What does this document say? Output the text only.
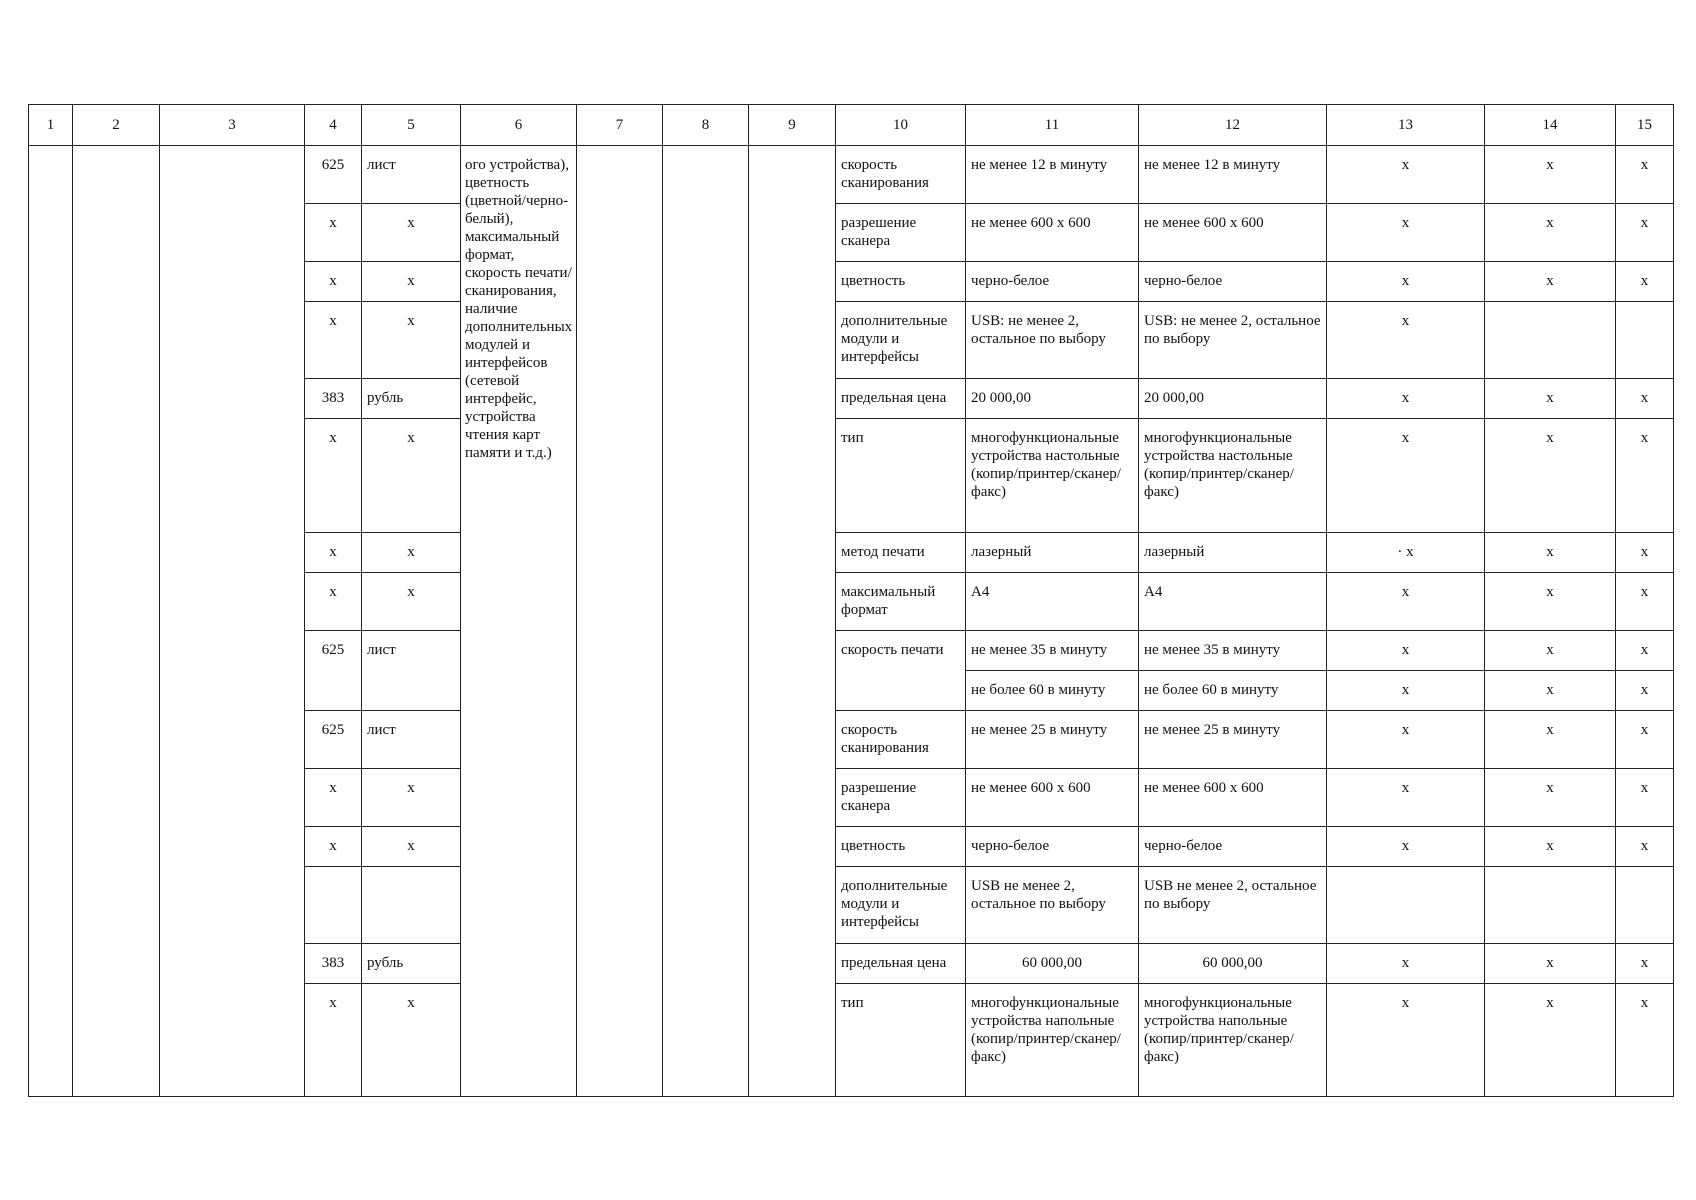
1	2	3	4	5	6	7	8	9	10	11	12	13	14	15
			625	лист	ого устройства), цветность (цветной/черно-белый), максимальный формат, скорость печати/сканирования, наличие дополнительных модулей и интерфейсов (сетевой интерфейс, устройства чтения карт памяти и т.д.)				скорость сканирования	не менее 12 в минуту	не менее 12 в минуту	x	x	x
			x	x					разрешение сканера	не менее 600 x 600	не менее 600 x 600	x	x	x
			x	x					цветность	черно-белое	черно-белое	x	x	x
			x	x					дополнительные модули и интерфейсы	USB: не менее 2, остальное по выбору	USB: не менее 2, остальное по выбору	x		
			383	рубль					предельная цена	20 000,00	20 000,00	x	x	x
			x	x					тип	многофункциональные устройства настольные (копир/принтер/сканер/факс)	многофункциональные устройства настольные (копир/принтер/сканер/факс)	x	x	x
			x	x					метод печати	лазерный	лазерный	· x	x	x
			x	x					максимальный формат	А4	А4	x	x	x
			625	лист					скорость печати	не менее 35 в минуту	не менее 35 в минуту	x	x	x
										не более 60 в минуту	не более 60 в минуту	x	x	x
			625	лист					скорость сканирования	не менее 25 в минуту	не менее 25 в минуту	x	x	x
			x	x					разрешение сканера	не менее 600 x 600	не менее 600 x 600	x	x	x
			x	x					цветность	черно-белое	черно-белое	x	x	x
									дополнительные модули и интерфейсы	USB не менее 2, остальное по выбору	USB не менее 2, остальное по выбору			
			383	рубль					предельная цена	60 000,00	60 000,00	x	x	x
			x	x					тип	многофункциональные устройства напольные (копир/принтер/сканер/факс)	многофункциональные устройства напольные (копир/принтер/сканер/факс)	x	x	x
